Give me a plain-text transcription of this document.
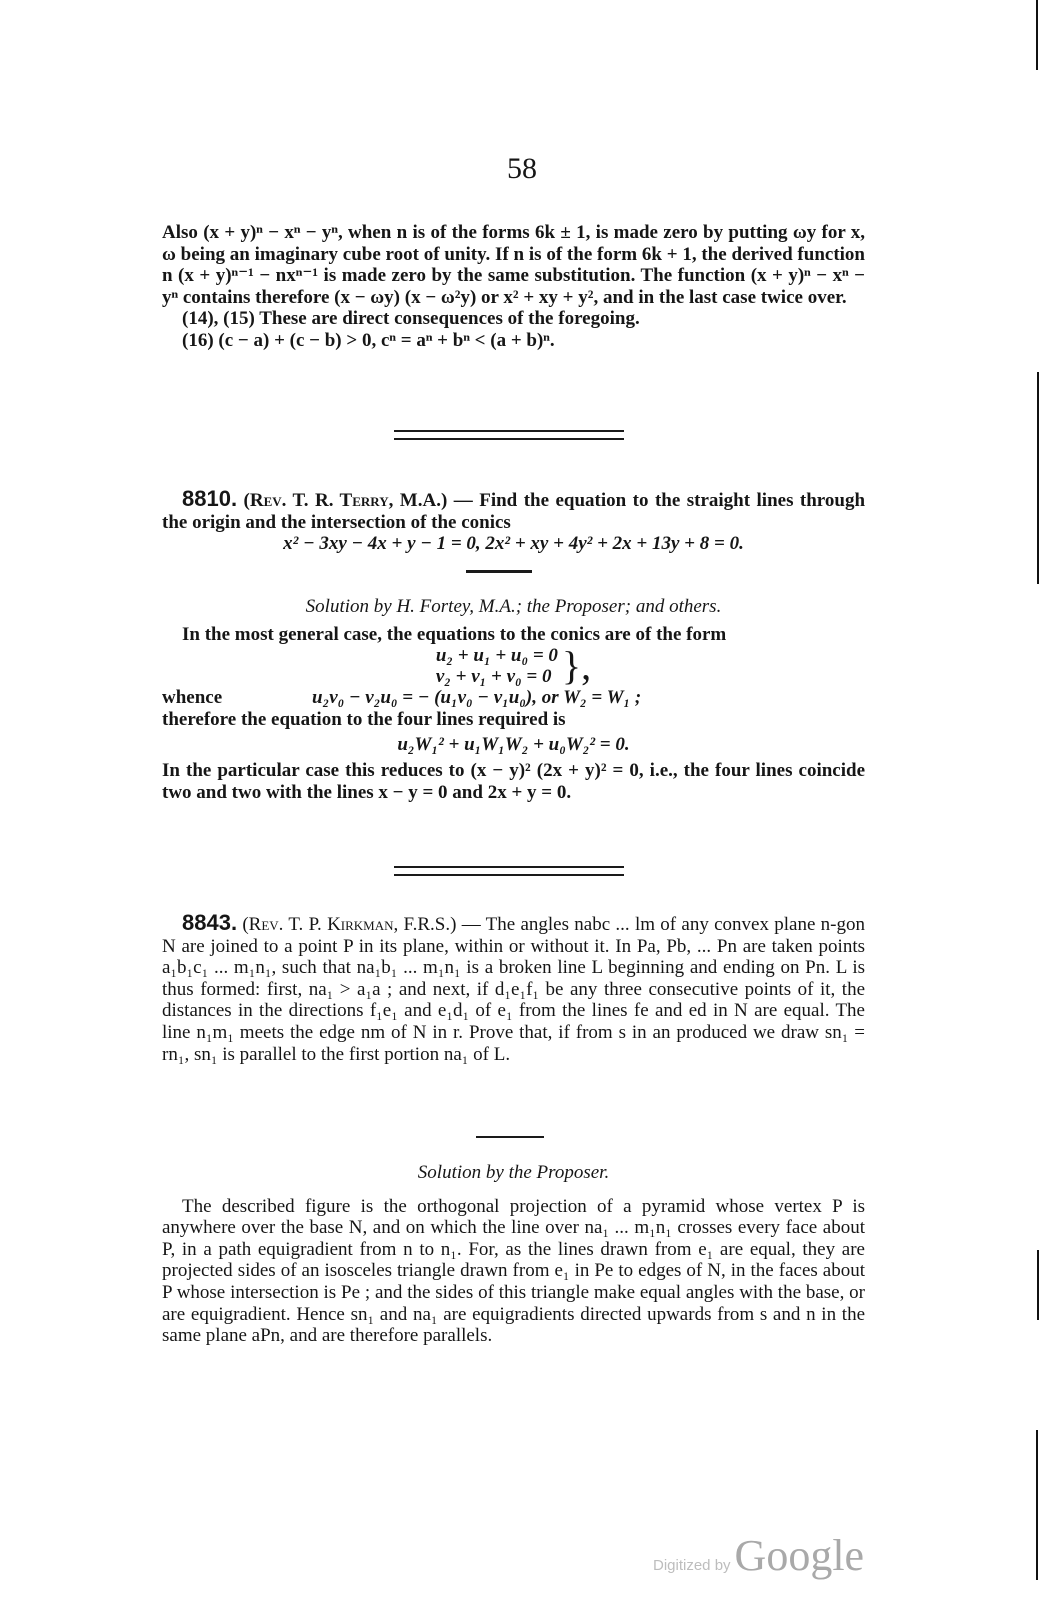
58

Also (x + y)ⁿ − xⁿ − yⁿ, when n is of the forms 6k ± 1, is made zero by putting ωy for x, ω being an imaginary cube root of unity. If n is of the form 6k + 1, the derived function n (x + y)ⁿ⁻¹ − nxⁿ⁻¹ is made zero by the same substitution. The function (x + y)ⁿ − xⁿ − yⁿ contains therefore (x − ωy) (x − ω²y) or x² + xy + y², and in the last case twice over.

(14), (15) These are direct consequences of the foregoing.

(16) (c − a) + (c − b) > 0, cⁿ = aⁿ + bⁿ < (a + b)ⁿ.

8810. (Rev. T. R. Terry, M.A.) — Find the equation to the straight lines through the origin and the intersection of the conics

x² − 3xy − 4x + y − 1 = 0, 2x² + xy + 4y² + 2x + 13y + 8 = 0.

Solution by H. Fortey, M.A.; the Proposer; and others.

In the most general case, the equations to the conics are of the form

u₂ + u₁ + u₀ = 0
v₂ + v₁ + v₀ = 0 },
whence	u₂v₀ − v₂u₀ = − (u₁v₀ − v₁u₀), or W₂ = W₁ ;

therefore the equation to the four lines required is

u₂W₁² + u₁W₁W₂ + u₀W₂² = 0.

In the particular case this reduces to (x − y)² (2x + y)² = 0, i.e., the four lines coincide two and two with the lines x − y = 0 and 2x + y = 0.

8843. (Rev. T. P. Kirkman, F.R.S.) — The angles nabc ... lm of any convex plane n-gon N are joined to a point P in its plane, within or without it. In Pa, Pb, ... Pn are taken points a₁b₁c₁ ... m₁n₁, such that na₁b₁ ... m₁n₁ is a broken line L beginning and ending on Pn. L is thus formed: first, na₁ > a₁a ; and next, if d₁e₁f₁ be any three consecutive points of it, the distances in the directions f₁e₁ and e₁d₁ of e₁ from the lines fe and ed in N are equal. The line n₁m₁ meets the edge nm of N in r. Prove that, if from s in an produced we draw sn₁ = rn₁, sn₁ is parallel to the first portion na₁ of L.

Solution by the Proposer.

The described figure is the orthogonal projection of a pyramid whose vertex P is anywhere over the base N, and on which the line over na₁ ... m₁n₁ crosses every face about P, in a path equigradient from n to n₁. For, as the lines drawn from e₁ are equal, they are projected sides of an isosceles triangle drawn from e₁ in Pe to edges of N, in the faces about P whose intersection is Pe ; and the sides of this triangle make equal angles with the base, or are equigradient. Hence sn₁ and na₁ are equigradients directed upwards from s and n in the same plane aPn, and are therefore parallels.

Digitized by Google
